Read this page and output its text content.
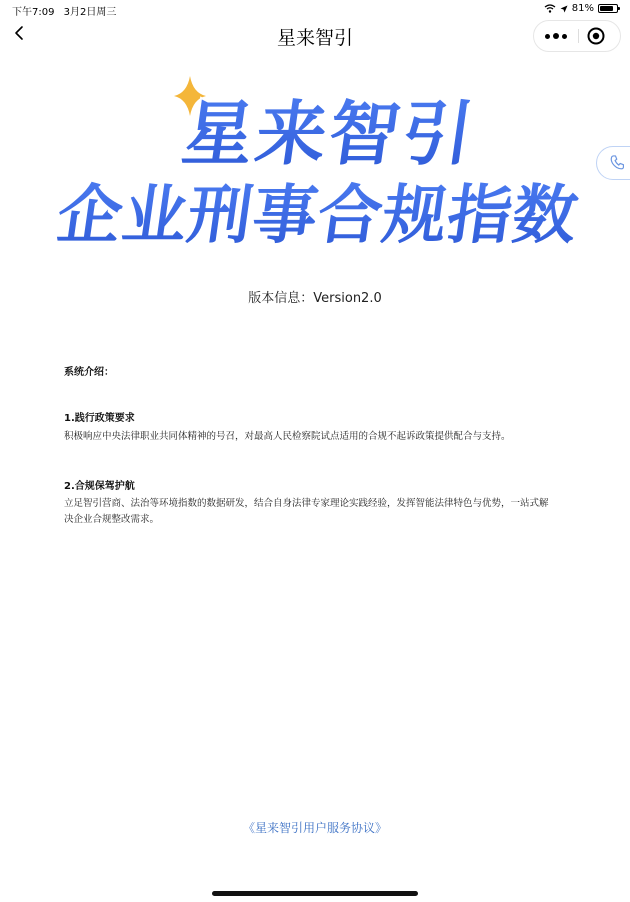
下午7:09 3月2日周三	81%
星来智引
星来智引
企业刑事合规指数
版本信息：Version2.0
系统介绍：
1.践行政策要求
积极响应中央法律职业共同体精神的号召，对最高人民检察院试点适用的合规不起诉政策提供配合与支持。
2.合规保驾护航
立足智引营商、法治等环境指数的数据研发，结合自身法律专家理论实践经验，发挥智能法律特色与优势，一站式解
决企业合规整改需求。
《星来智引用户服务协议》
